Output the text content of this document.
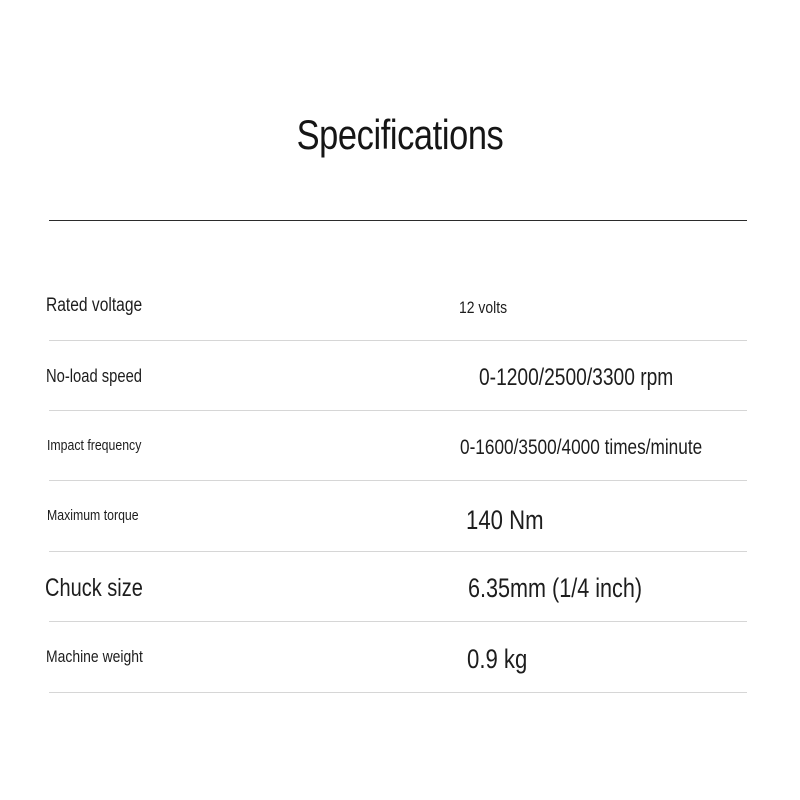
Specifications
Rated voltage	12 volts
No-load speed	0-1200/2500/3300 rpm
Impact frequency	0-1600/3500/4000 times/minute
Maximum torque	140 Nm
Chuck size	6.35mm (1/4 inch)
Machine weight	0.9 kg
